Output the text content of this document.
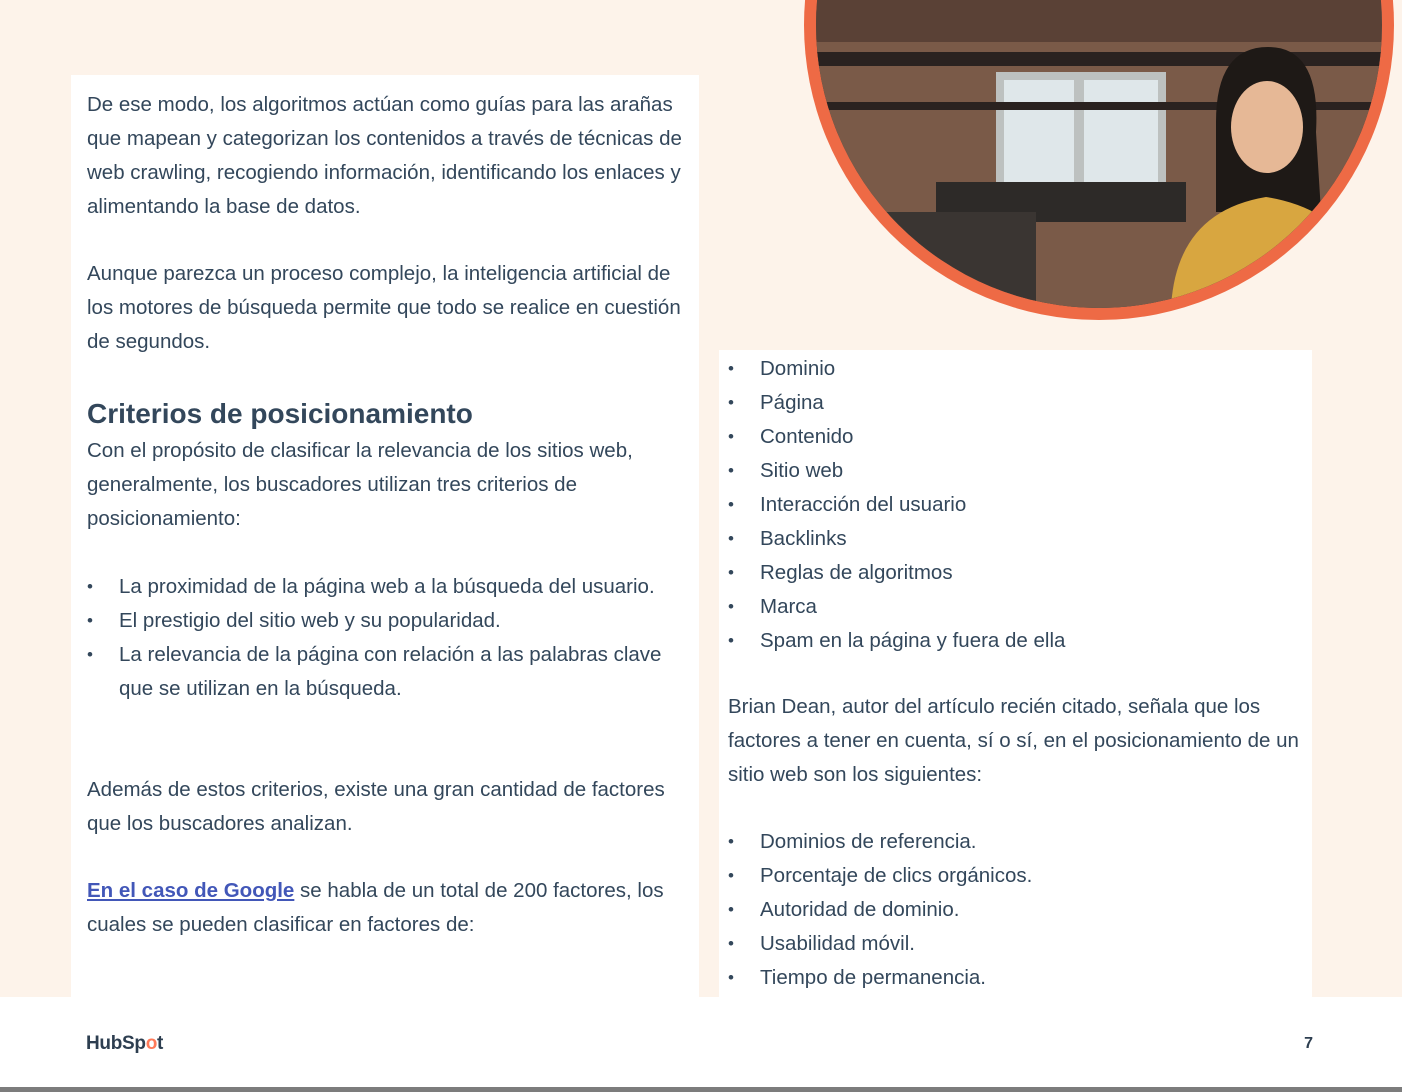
De ese modo, los algoritmos actúan como guías para las arañas que mapean y categorizan los contenidos a través de técnicas de web crawling, recogiendo información, identificando los enlaces y alimentando la base de datos.

Aunque parezca un proceso complejo, la inteligencia artificial de los motores de búsqueda permite que todo se realice en cuestión de segundos.

Criterios de posicionamiento

Con el propósito de clasificar la relevancia de los sitios web, generalmente, los buscadores utilizan tres criterios de posicionamiento:

• La proximidad de la página web a la búsqueda del usuario.
• El prestigio del sitio web y su popularidad.
• La relevancia de la página con relación a las palabras clave que se utilizan en la búsqueda.

Además de estos criterios, existe una gran cantidad de factores que los buscadores analizan.

En el caso de Google se habla de un total de 200 factores, los cuales se pueden clasificar en factores de:

• Dominio
• Página
• Contenido
• Sitio web
• Interacción del usuario
• Backlinks
• Reglas de algoritmos
• Marca
• Spam en la página y fuera de ella

Brian Dean, autor del artículo recién citado, señala que los factores a tener en cuenta, sí o sí, en el posicionamiento de un sitio web son los siguientes:

• Dominios de referencia.
• Porcentaje de clics orgánicos.
• Autoridad de dominio.
• Usabilidad móvil.
• Tiempo de permanencia.
HubSpot	7
